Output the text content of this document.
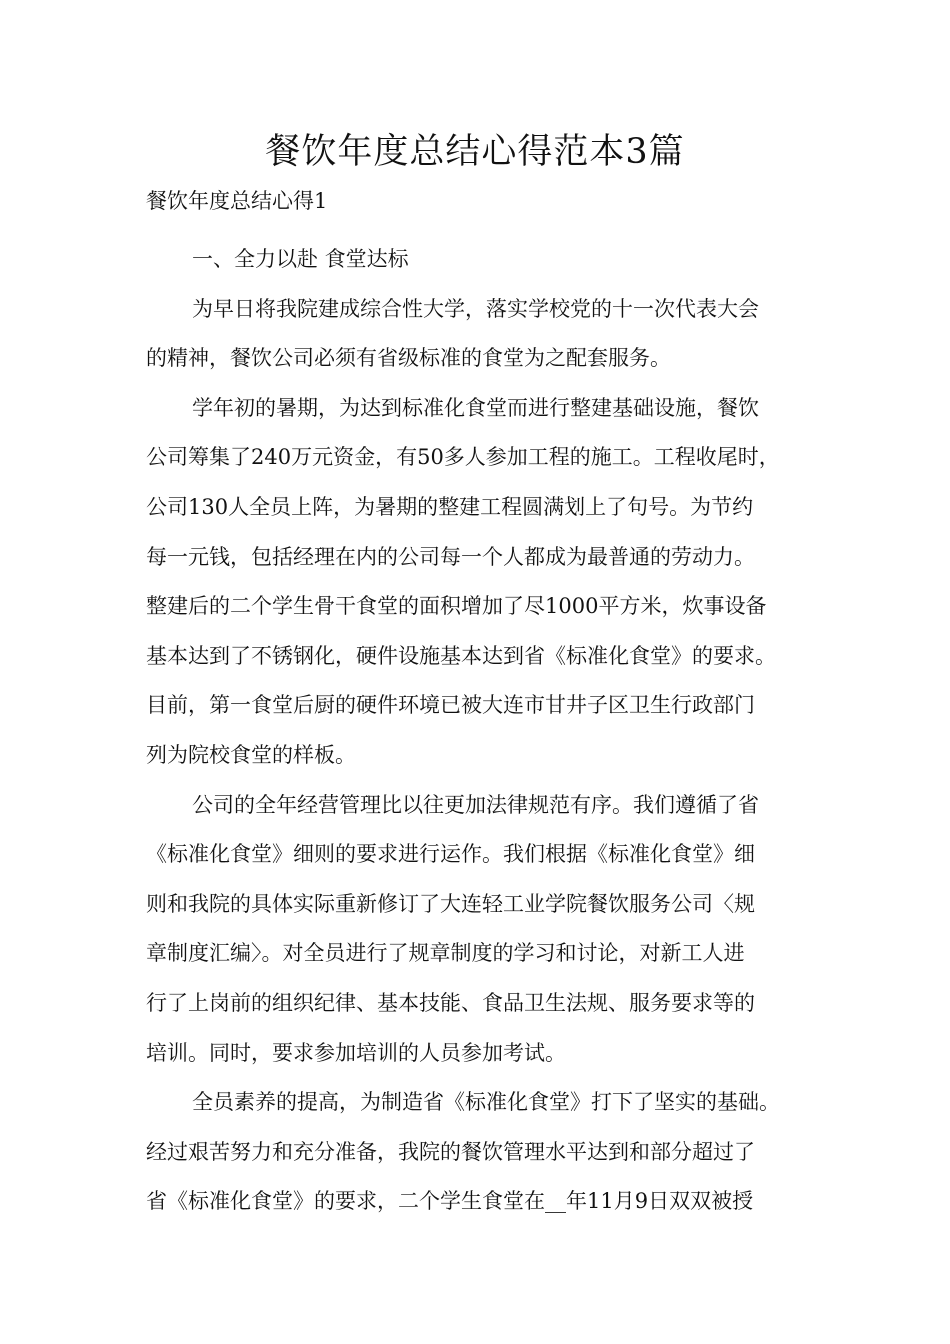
餐饮年度总结心得范本3篇
餐饮年度总结心得1

一、全力以赴 食堂达标

为早日将我院建成综合性大学，落实学校党的十一次代表大会
的精神，餐饮公司必须有省级标准的食堂为之配套服务。

学年初的暑期，为达到标准化食堂而进行整建基础设施，餐饮
公司筹集了240万元资金，有50多人参加工程的施工。工程收尾时，
公司130人全员上阵，为暑期的整建工程圆满划上了句号。为节约
每一元钱，包括经理在内的公司每一个人都成为最普通的劳动力。
整建后的二个学生骨干食堂的面积增加了尽1000平方米，炊事设备
基本达到了不锈钢化，硬件设施基本达到省《标准化食堂》的要求。
目前，第一食堂后厨的硬件环境已被大连市甘井子区卫生行政部门
列为院校食堂的样板。

公司的全年经营管理比以往更加法律规范有序。我们遵循了省
《标准化食堂》细则的要求进行运作。我们根据《标准化食堂》细
则和我院的具体实际重新修订了大连轻工业学院餐饮服务公司〈规
章制度汇编〉。对全员进行了规章制度的学习和讨论，对新工人进
行了上岗前的组织纪律、基本技能、食品卫生法规、服务要求等的
培训。同时，要求参加培训的人员参加考试。

全员素养的提高，为制造省《标准化食堂》打下了坚实的基础。
经过艰苦努力和充分准备，我院的餐饮管理水平达到和部分超过了
省《标准化食堂》的要求，二个学生食堂在__年11月9日双双被授
